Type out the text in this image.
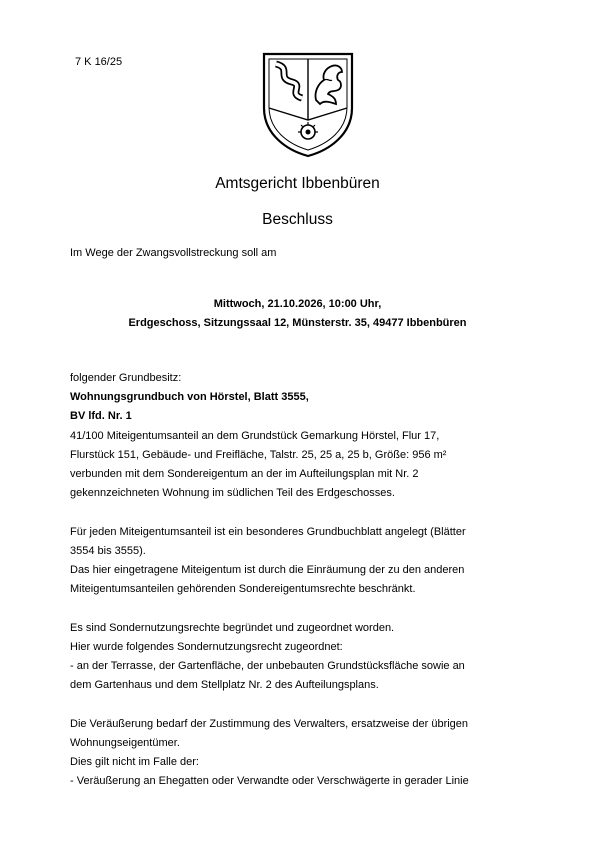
7 K 16/25
Amtsgericht Ibbenbüren
Beschluss
Im Wege der Zwangsvollstreckung soll am
Mittwoch, 21.10.2026, 10:00 Uhr,
Erdgeschoss, Sitzungssaal 12, Münsterstr. 35, 49477 Ibbenbüren
folgender Grundbesitz:
Wohnungsgrundbuch von Hörstel, Blatt 3555,
BV lfd. Nr. 1
41/100 Miteigentumsanteil an dem Grundstück Gemarkung Hörstel, Flur 17,
Flurstück 151, Gebäude- und Freifläche, Talstr. 25, 25 a, 25 b, Größe: 956 m²
verbunden mit dem Sondereigentum an der im Aufteilungsplan mit Nr. 2
gekennzeichneten Wohnung im südlichen Teil des Erdgeschosses.
Für jeden Miteigentumsanteil ist ein besonderes Grundbuchblatt angelegt (Blätter
3554 bis 3555).
Das hier eingetragene Miteigentum ist durch die Einräumung der zu den anderen
Miteigentumsanteilen gehörenden Sondereigentumsrechte beschränkt.
Es sind Sondernutzungsrechte begründet und zugeordnet worden.
Hier wurde folgendes Sondernutzungsrecht zugeordnet:
- an der Terrasse, der Gartenfläche, der unbebauten Grundstücksfläche sowie an
dem Gartenhaus und dem Stellplatz Nr. 2 des Aufteilungsplans.
Die Veräußerung bedarf der Zustimmung des Verwalters, ersatzweise der übrigen
Wohnungseigentümer.
Dies gilt nicht im Falle der:
- Veräußerung an Ehegatten oder Verwandte oder Verschwägerte in gerader Linie
